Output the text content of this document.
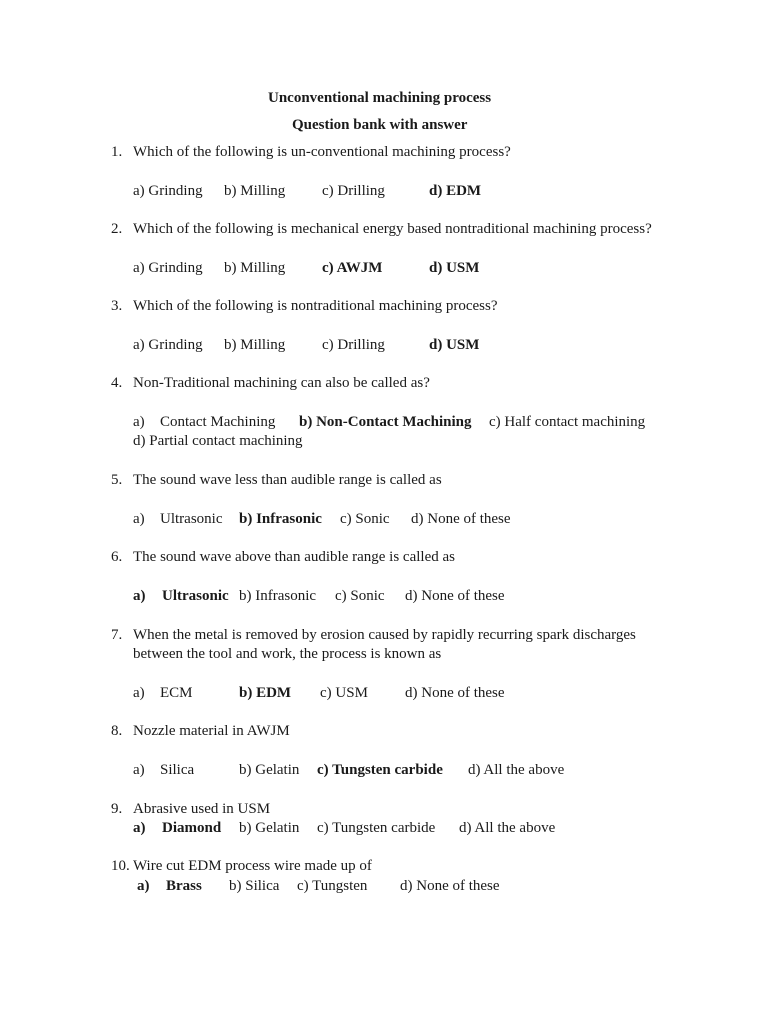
Unconventional machining process
Question bank with answer
1. Which of the following is un-conventional machining process?
a) Grinding b) Milling c) Drilling	d) EDM
2. Which of the following is mechanical energy based nontraditional machining process?
a) Grinding b) Milling c) AWJM	d) USM
3. Which of the following is nontraditional machining process?
a) Grinding b) Milling c) Drilling	d) USM
4. Non-Traditional machining can also be called as?
a) Contact Machining b) Non-Contact Machining c) Half contact machining
d) Partial contact machining
5. The sound wave less than audible range is called as
a) Ultrasonic b) Infrasonic c) Sonic d) None of these
6. The sound wave above than audible range is called as
a) Ultrasonic b) Infrasonic c) Sonic d) None of these
7. When the metal is removed by erosion caused by rapidly recurring spark discharges
between the tool and work, the process is known as
a) ECM	b) EDM c) USM d) None of these
8. Nozzle material in AWJM
a) Silica	b) Gelatin c) Tungsten carbide d) All the above
9. Abrasive used in USM
a) Diamond b) Gelatin c) Tungsten carbide d) All the above
10. Wire cut EDM process wire made up of
a) Brass b) Silica c) Tungsten d) None of these
